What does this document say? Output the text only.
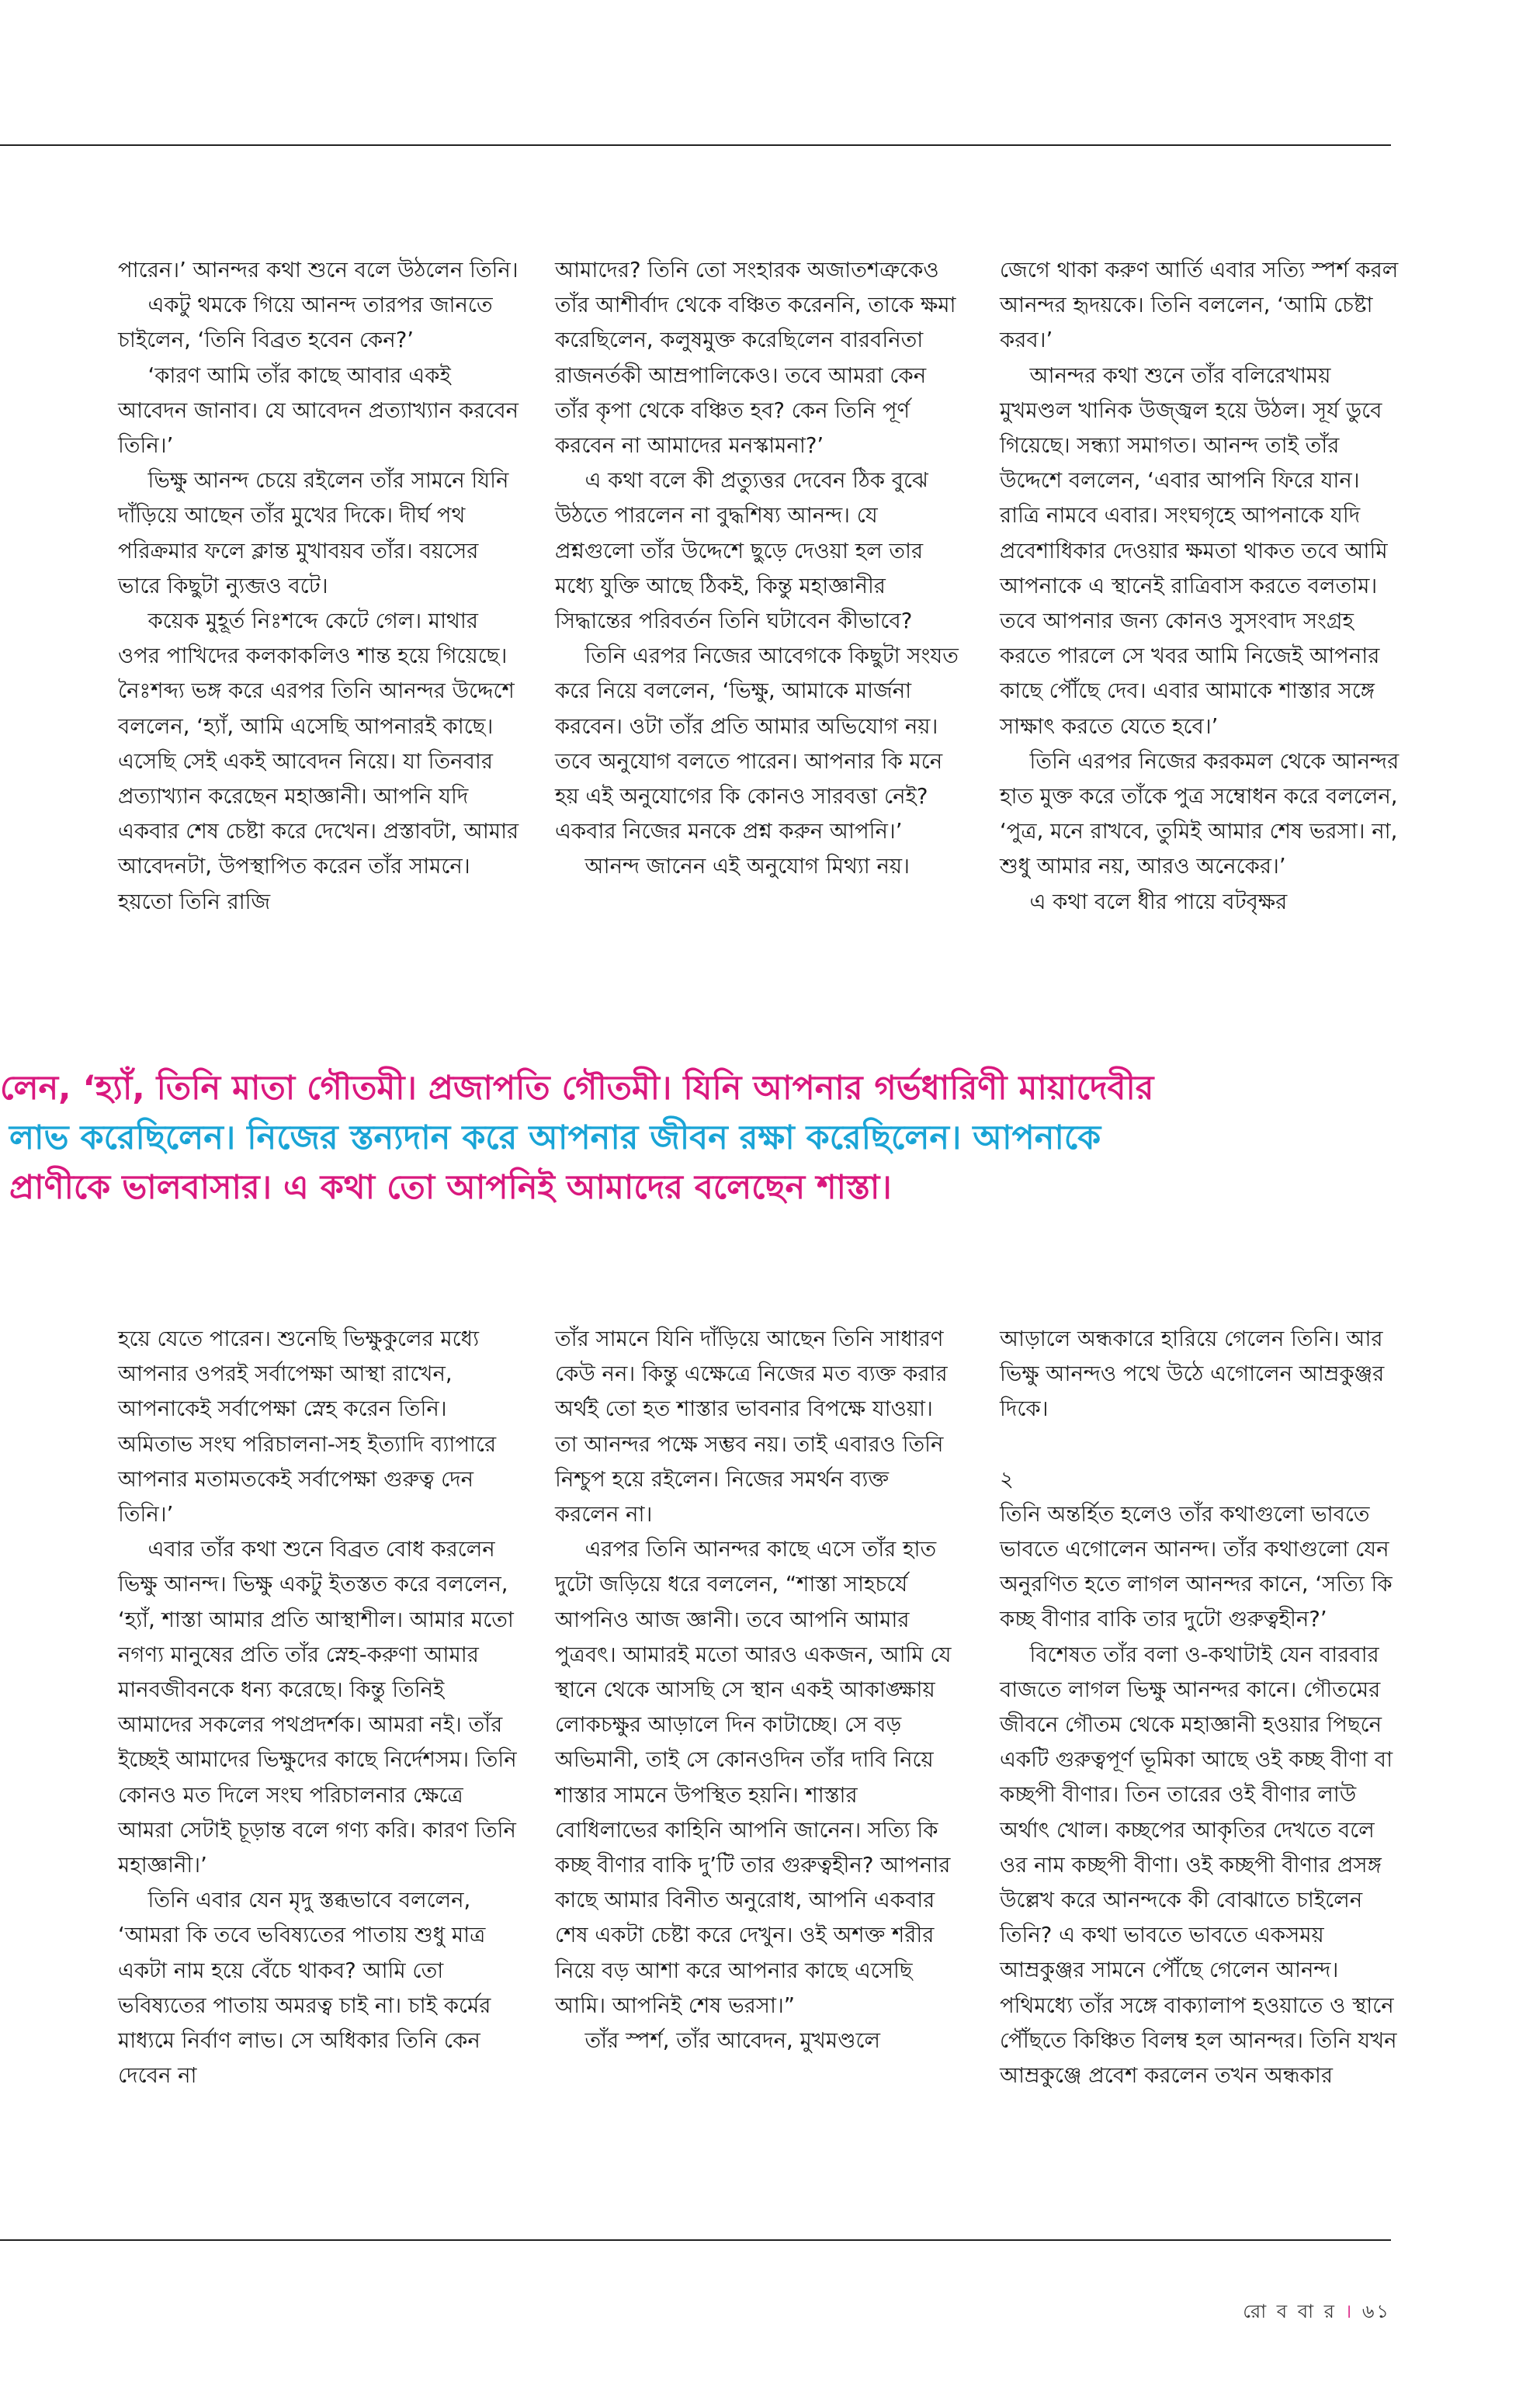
পারেন।’ আনন্দর কথা শুনে বলে উঠলেন তিনি।

একটু থমকে গিয়ে আনন্দ তারপর জানতে চাইলেন, ‘তিনি বিব্রত হবেন কেন?’

‘কারণ আমি তাঁর কাছে আবার একই আবেদন জানাব। যে আবেদন প্রত্যাখ্যান করবেন তিনি।’

ভিক্ষু আনন্দ চেয়ে রইলেন তাঁর সামনে যিনি দাঁড়িয়ে আছেন তাঁর মুখের দিকে। দীর্ঘ পথ পরিক্রমার ফলে ক্লান্ত মুখাবয়ব তাঁর। বয়সের ভারে কিছুটা ন্যুব্জও বটে।

কয়েক মুহূর্ত নিঃশব্দে কেটে গেল। মাথার ওপর পাখিদের কলকাকলিও শান্ত হয়ে গিয়েছে। নৈঃশব্দ্য ভঙ্গ করে এরপর তিনি আনন্দর উদ্দেশে বললেন, ‘হ্যাঁ, আমি এসেছি আপনারই কাছে। এসেছি সেই একই আবেদন নিয়ে। যা তিনবার প্রত্যাখ্যান করেছেন মহাজ্ঞানী। আপনি যদি একবার শেষ চেষ্টা করে দেখেন। প্রস্তাবটা, আমার আবেদনটা, উপস্থাপিত করেন তাঁর সামনে। হয়তো তিনি রাজি

আমাদের? তিনি তো সংহারক অজাতশত্রুকেও তাঁর আশীর্বাদ থেকে বঞ্চিত করেননি, তাকে ক্ষমা করেছিলেন, কলুষমুক্ত করেছিলেন বারবনিতা রাজনর্তকী আম্রপালিকেও। তবে আমরা কেন তাঁর কৃপা থেকে বঞ্চিত হব? কেন তিনি পূর্ণ করবেন না আমাদের মনস্কামনা?’

এ কথা বলে কী প্রত্যুত্তর দেবেন ঠিক বুঝে উঠতে পারলেন না বুদ্ধশিষ্য আনন্দ। যে প্রশ্নগুলো তাঁর উদ্দেশে ছুড়ে দেওয়া হল তার মধ্যে যুক্তি আছে ঠিকই, কিন্তু মহাজ্ঞানীর সিদ্ধান্তের পরিবর্তন তিনি ঘটাবেন কীভাবে?

তিনি এরপর নিজের আবেগকে কিছুটা সংযত করে নিয়ে বললেন, ‘ভিক্ষু, আমাকে মার্জনা করবেন। ওটা তাঁর প্রতি আমার অভিযোগ নয়। তবে অনুযোগ বলতে পারেন। আপনার কি মনে হয় এই অনুযোগের কি কোনও সারবত্তা নেই? একবার নিজের মনকে প্রশ্ন করুন আপনি।’

আনন্দ জানেন এই অনুযোগ মিথ্যা নয়।

জেগে থাকা করুণ আর্তি এবার সত্যি স্পর্শ করল আনন্দর হৃদয়কে। তিনি বললেন, ‘আমি চেষ্টা করব।’

আনন্দর কথা শুনে তাঁর বলিরেখাময় মুখমণ্ডল খানিক উজ্জ্বল হয়ে উঠল। সূর্য ডুবে গিয়েছে। সন্ধ্যা সমাগত। আনন্দ তাই তাঁর উদ্দেশে বললেন, ‘এবার আপনি ফিরে যান। রাত্রি নামবে এবার। সংঘগৃহে আপনাকে যদি প্রবেশাধিকার দেওয়ার ক্ষমতা থাকত তবে আমি আপনাকে এ স্থানেই রাত্রিবাস করতে বলতাম। তবে আপনার জন্য কোনও সুসংবাদ সংগ্রহ করতে পারলে সে খবর আমি নিজেই আপনার কাছে পৌঁছে দেব। এবার আমাকে শাস্তার সঙ্গে সাক্ষাৎ করতে যেতে হবে।’

তিনি এরপর নিজের করকমল থেকে আনন্দর হাত মুক্ত করে তাঁকে পুত্র সম্বোধন করে বললেন, ‘পুত্র, মনে রাখবে, তুমিই আমার শেষ ভরসা। না, শুধু আমার নয়, আরও অনেকের।’

এ কথা বলে ধীর পায়ে বটবৃক্ষর

লেন, ‘হ্যাঁ, তিনি মাতা গৌতমী। প্রজাপতি গৌতমী। যিনি আপনার গর্ভধারিণী মায়াদেবীর
লাভ করেছিলেন। নিজের স্তন্যদান করে আপনার জীবন রক্ষা করেছিলেন। আপনাকে
প্রাণীকে ভালবাসার। এ কথা তো আপনিই আমাদের বলেছেন শাস্তা।

হয়ে যেতে পারেন। শুনেছি ভিক্ষুকুলের মধ্যে আপনার ওপরই সর্বাপেক্ষা আস্থা রাখেন, আপনাকেই সর্বাপেক্ষা স্নেহ করেন তিনি। অমিতাভ সংঘ পরিচালনা-সহ ইত্যাদি ব্যাপারে আপনার মতামতকেই সর্বাপেক্ষা গুরুত্ব দেন তিনি।’

এবার তাঁর কথা শুনে বিব্রত বোধ করলেন ভিক্ষু আনন্দ। ভিক্ষু একটু ইতস্তত করে বললেন, ‘হ্যাঁ, শাস্তা আমার প্রতি আস্থাশীল। আমার মতো নগণ্য মানুষের প্রতি তাঁর স্নেহ-করুণা আমার মানবজীবনকে ধন্য করেছে। কিন্তু তিনিই আমাদের সকলের পথপ্রদর্শক। আমরা নই। তাঁর ইচ্ছেই আমাদের ভিক্ষুদের কাছে নির্দেশসম। তিনি কোনও মত দিলে সংঘ পরিচালনার ক্ষেত্রে আমরা সেটাই চূড়ান্ত বলে গণ্য করি। কারণ তিনি মহাজ্ঞানী।’

তিনি এবার যেন মৃদু স্তব্ধভাবে বললেন, ‘আমরা কি তবে ভবিষ্যতের পাতায় শুধু মাত্র একটা নাম হয়ে বেঁচে থাকব? আমি তো ভবিষ্যতের পাতায় অমরত্ব চাই না। চাই কর্মের মাধ্যমে নির্বাণ লাভ। সে অধিকার তিনি কেন দেবেন না

তাঁর সামনে যিনি দাঁড়িয়ে আছেন তিনি সাধারণ কেউ নন। কিন্তু এক্ষেত্রে নিজের মত ব্যক্ত করার অর্থই তো হত শাস্তার ভাবনার বিপক্ষে যাওয়া। তা আনন্দর পক্ষে সম্ভব নয়। তাই এবারও তিনি নিশ্চুপ হয়ে রইলেন। নিজের সমর্থন ব্যক্ত করলেন না।

এরপর তিনি আনন্দর কাছে এসে তাঁর হাত দুটো জড়িয়ে ধরে বললেন, “শাস্তা সাহচর্যে আপনিও আজ জ্ঞানী। তবে আপনি আমার পুত্রবৎ। আমারই মতো আরও একজন, আমি যে স্থানে থেকে আসছি সে স্থান একই আকাঙ্ক্ষায় লোকচক্ষুর আড়ালে দিন কাটাচ্ছে। সে বড় অভিমানী, তাই সে কোনওদিন তাঁর দাবি নিয়ে শাস্তার সামনে উপস্থিত হয়নি। শাস্তার বোধিলাভের কাহিনি আপনি জানেন। সত্যি কি কচ্ছ বীণার বাকি দু’টি তার গুরুত্বহীন? আপনার কাছে আমার বিনীত অনুরোধ, আপনি একবার শেষ একটা চেষ্টা করে দেখুন। ওই অশক্ত শরীর নিয়ে বড় আশা করে আপনার কাছে এসেছি আমি। আপনিই শেষ ভরসা।”

তাঁর স্পর্শ, তাঁর আবেদন, মুখমণ্ডলে

আড়ালে অন্ধকারে হারিয়ে গেলেন তিনি। আর ভিক্ষু আনন্দও পথে উঠে এগোলেন আম্রকুঞ্জর দিকে।

২

তিনি অন্তর্হিত হলেও তাঁর কথাগুলো ভাবতে ভাবতে এগোলেন আনন্দ। তাঁর কথাগুলো যেন অনুরণিত হতে লাগল আনন্দর কানে, ‘সত্যি কি কচ্ছ বীণার বাকি তার দুটো গুরুত্বহীন?’

বিশেষত তাঁর বলা ও-কথাটাই যেন বারবার বাজতে লাগল ভিক্ষু আনন্দর কানে। গৌতমের জীবনে গৌতম থেকে মহাজ্ঞানী হওয়ার পিছনে একটি গুরুত্বপূর্ণ ভূমিকা আছে ওই কচ্ছ বীণা বা কচ্ছপী বীণার। তিন তারের ওই বীণার লাউ অর্থাৎ খোল। কচ্ছপের আকৃতির দেখতে বলে ওর নাম কচ্ছপী বীণা। ওই কচ্ছপী বীণার প্রসঙ্গ উল্লেখ করে আনন্দকে কী বোঝাতে চাইলেন তিনি? এ কথা ভাবতে ভাবতে একসময় আম্রকুঞ্জর সামনে পৌঁছে গেলেন আনন্দ। পথিমধ্যে তাঁর সঙ্গে বাক্যালাপ হওয়াতে ও স্থানে পৌঁছতে কিঞ্চিত বিলম্ব হল আনন্দর। তিনি যখন আম্রকুঞ্জে প্রবেশ করলেন তখন অন্ধকার

রো ব বা র । ৬১
